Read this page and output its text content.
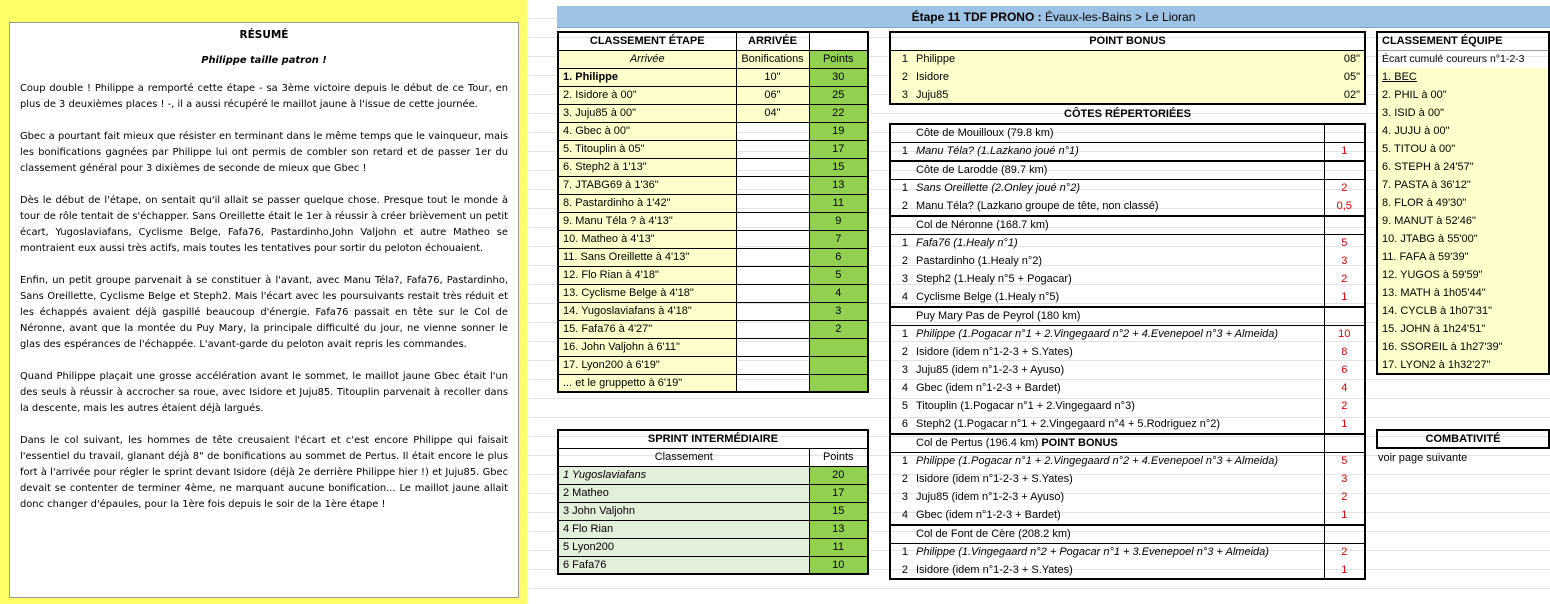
RÉSUMÉ
Philippe taille patron !

Coup double ! Philippe a remporté cette étape - sa 3ème victoire depuis le début de ce Tour, en plus de 3 deuxièmes places ! -, il a aussi récupéré le maillot jaune à l'issue de cette journée.

Gbec a pourtant fait mieux que résister en terminant dans le même temps que le vainqueur, mais les bonifications gagnées par Philippe lui ont permis de combler son retard et de passer 1er du classement général pour 3 dixièmes de seconde de mieux que Gbec !

Dès le début de l'étape, on sentait qu'il allait se passer quelque chose. Presque tout le monde à tour de rôle tentait de s'échapper. Sans Oreillette était le 1er à réussir à créer brièvement un petit écart, Yugoslaviafans, Cyclisme Belge, Fafa76, Pastardinho,John Valjohn et autre Matheo se montraient eux aussi très actifs, mais toutes les tentatives pour sortir du peloton échouaient.

Enfin, un petit groupe parvenait à se constituer à l'avant, avec Manu Téla?, Fafa76, Pastardinho, Sans Oreillette, Cyclisme Belge et Steph2. Mais l'écart avec les poursuivants restait très réduit et les échappés avaient déjà gaspillé beaucoup d'énergie. Fafa76 passait en tête sur le Col de Néronne, avant que la montée du Puy Mary, la principale difficulté du jour, ne vienne sonner le glas des espérances de l'échappée. L'avant-garde du peloton avait repris les commandes.

Quand Philippe plaçait une grosse accélération avant le sommet, le maillot jaune Gbec était l'un des seuls à réussir à accrocher sa roue, avec Isidore et Juju85. Titouplin parvenait à recoller dans la descente, mais les autres étaient déjà largués.

Dans le col suivant, les hommes de tête creusaient l'écart et c'est encore Philippe qui faisait l'essentiel du travail, glanant déjà 8" de bonifications au sommet de Pertus. Il était encore le plus fort à l'arrivée pour régler le sprint devant Isidore (déjà 2e derrière Philippe hier !) et Juju85. Gbec devait se contenter de terminer 4ème, ne marquant aucune bonification... Le maillot jaune allait donc changer d'épaules, pour la 1ère fois depuis le soir de la 1ère étape !

Étape 11 TDF PRONO :
Évaux-les-Bains > Le Lioran
CLASSEMENT ÉTAPE	ARRIVÉE	
Arrivée	Bonifications	Points
1. Philippe	10"	30
2. Isidore à 00"	06"	25
3. Juju85 à 00"	04"	22
4. Gbec à 00"		19
5. Titouplin à 05"		17
6. Steph2 à 1'13"		15
7. JTABG69 à 1'36"		13
8. Pastardinho à 1'42"		11
9. Manu Téla ? à 4'13"		9
10. Matheo à 4'13"		7
11. Sans Oreillette à 4'13"		6
12. Flo Rian à 4'18"		5
13. Cyclisme Belge à 4'18"		4
14. Yugoslaviafans à 4'18"		3
15. Fafa76 à 4'27"		2
16. John Valjohn à 6'11"		
17. Lyon200 à 6'19"		
... et le gruppetto à 6'19"		
SPRINT INTERMÉDIAIRE	
Classement	Points
1 Yugoslaviafans	20
2 Matheo	17
3 John Valjohn	15
4 Flo Rian	13
5 Lyon200	11
6 Fafa76	10
POINT BONUS		
1	Philippe	08"
2	Isidore	05"
3	Juju85	02"
CÔTES RÉPERTORIÉES
	Côte de Mouilloux (79.8 km)	
1	Manu Téla? (1.Lazkano joué n°1)	1
	Côte de Larodde (89.7 km)	
1	Sans Oreillette (2.Onley joué n°2)	2
2	Manu Téla? (Lazkano groupe de tête, non classé)	0,5
	Col de Néronne (168.7 km)	
1	Fafa76 (1.Healy n°1)	5
2	Pastardinho (1.Healy n°2)	3
3	Steph2 (1.Healy n°5 + Pogacar)	2
4	Cyclisme Belge (1.Healy n°5)	1
	Puy Mary Pas de Peyrol (180 km)	
1	Philippe (1.Pogacar n°1 + 2.Vingegaard n°2 + 4.Evenepoel n°3 + Almeida)	10
2	Isidore (idem n°1-2-3 + S.Yates)	8
3	Juju85 (idem n°1-2-3 + Ayuso)	6
4	Gbec (idem n°1-2-3 + Bardet)	4
5	Titouplin (1.Pogacar n°1 + 2.Vingegaard n°3)	2
6	Steph2 (1.Pogacar n°1 + 2.Vingegaard n°4 + 5.Rodriguez n°2)	1
	Col de Pertus (196.4 km) POINT BONUS	
1	Philippe (1.Pogacar n°1 + 2.Vingegaard n°2 + 4.Evenepoel n°3 + Almeida)	5
2	Isidore (idem n°1-2-3 + S.Yates)	3
3	Juju85 (idem n°1-2-3 + Ayuso)	2
4	Gbec (idem n°1-2-3 + Bardet)	1
	Col de Font de Cère (208.2 km)	
1	Philippe (1.Vingegaard n°2 + Pogacar n°1 + 3.Evenepoel n°3 + Almeida)	2
2	Isidore (idem n°1-2-3 + S.Yates)	1
CLASSEMENT ÉQUIPE
Écart cumulé coureurs n°1-2-3
1. BEC
2. PHIL à 00"
3. ISID à 00"
4. JUJU à 00"
5. TITOU à 00"
6. STEPH à 24'57"
7. PASTA à 36'12"
8. FLOR à 49'30"
9. MANUT à 52'46"
10. JTABG à 55'00"
11. FAFA à 59'39"
12. YUGOS à 59'59"
13. MATH à 1h05'44"
14. CYCLB à 1h07'31"
15. JOHN à 1h24'51"
16. SSOREIL à 1h27'39"
17. LYON2 à 1h32'27"
COMBATIVITÉ
voir page suivante
